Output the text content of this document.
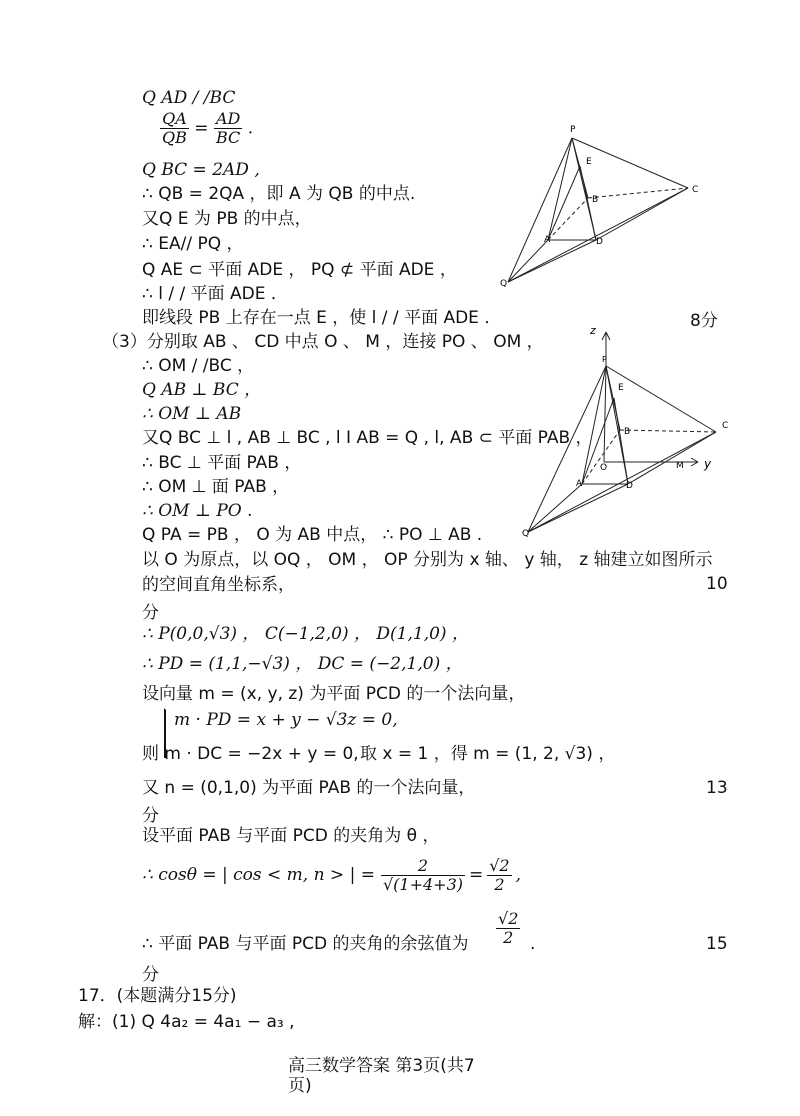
Q AD / /BC
$\frac{QA}{QB} = \frac{AD}{BC}$ .
Q BC = 2AD ,
∴ QB = 2QA ，即 A 为 QB 的中点.
又Q E 为 PB 的中点，
∴ EA// PQ ，
Q AE ⊂ 平面 ADE ， PQ ⊄ 平面 ADE ，
∴ l / / 平面 ADE ．
即线段 PB 上存在一点 E ，使 l / / 平面 ADE ．	8分
（3）分别取 AB 、 CD 中点 O 、 M ，连接 PO 、 OM ，
∴ OM / /BC ，
Q AB ⊥ BC ，
∴ OM ⊥ AB
又Q BC ⊥ l , AB ⊥ BC , l I AB = Q , l, AB ⊂ 平面 PAB ，
∴ BC ⊥ 平面 PAB ，
∴ OM ⊥ 面 PAB ，
∴ OM ⊥ PO .
Q PA = PB ， O 为 AB 中点， ∴ PO ⊥ AB .
以 O 为原点，以 OQ ， OM ， OP 分别为 x 轴、 y 轴， z 轴建立如图所示
的空间直角坐标系，	10
分
∴ P(0,0,√3) ， C(−1,2,0) ， D(1,1,0) ，
∴ PD = (1,1,−√3) ， DC = (−2,1,0) ，
设向量 m = (x, y, z) 为平面 PCD 的一个法向量，
m · PD = x + y − √3z = 0,
则 m · DC = −2x + y = 0, 取 x = 1 ，得 m = (1, 2, √3) ，
又 n = (0,1,0) 为平面 PAB 的一个法向量，	13
分
设平面 PAB 与平面 PCD 的夹角为 θ ，
∴ cosθ = | cos < m, n > | = $\frac{2}{√(1+4+3)} = \frac{√2}{2}$ ,
$\frac{√2}{2}$
∴ 平面 PAB 与平面 PCD 的夹角的余弦值为	.	15
分
17．(本题满分15分)
解：(1) Q 4a₂ = 4a₁ − a₃ ,
高三数学答案 第3页(共7
页)
P
E
B
C
A	D
Q
z
P
E
B
C
O	M y
A	D
Q
